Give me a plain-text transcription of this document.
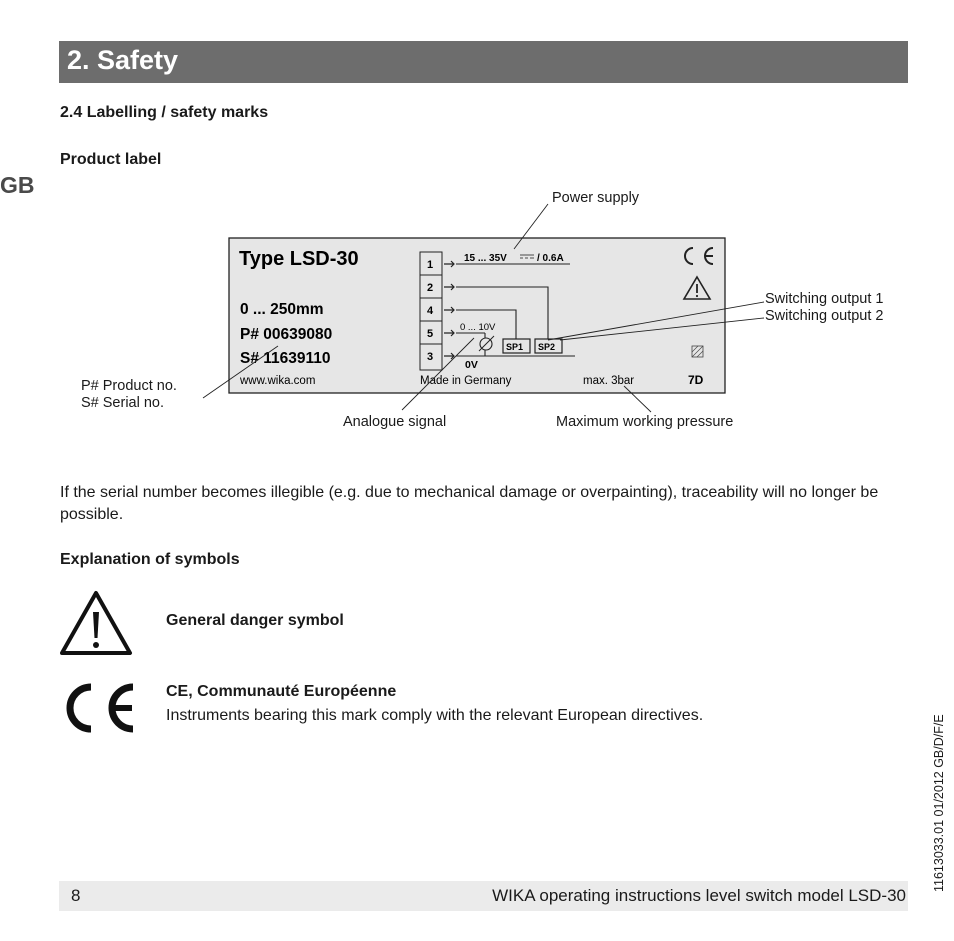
2. Safety
GB
2.4 Labelling / safety marks
Product label
Type LSD-30
0 ... 250mm
P# 00639080
S# 11639110
www.wika.com	Made in Germany	max. 3bar	7D
1
2
4
5
3
15 ... 35V	/ 0.6A
0 ... 10V
0V
SP1 SP2
Power supply
Switching output 1
Switching output 2
P# Product no.
S# Serial no.
Analogue signal	Maximum working pressure
If the serial number becomes illegible (e.g. due to mechanical damage or overpainting), traceability will no longer be possible.
Explanation of symbols
General danger symbol
CE, Communauté Européenne
Instruments bearing this mark comply with the relevant European directives.	11613033.01 01/2012 GB/D/F/E
8	WIKA operating instructions level switch model LSD-30
